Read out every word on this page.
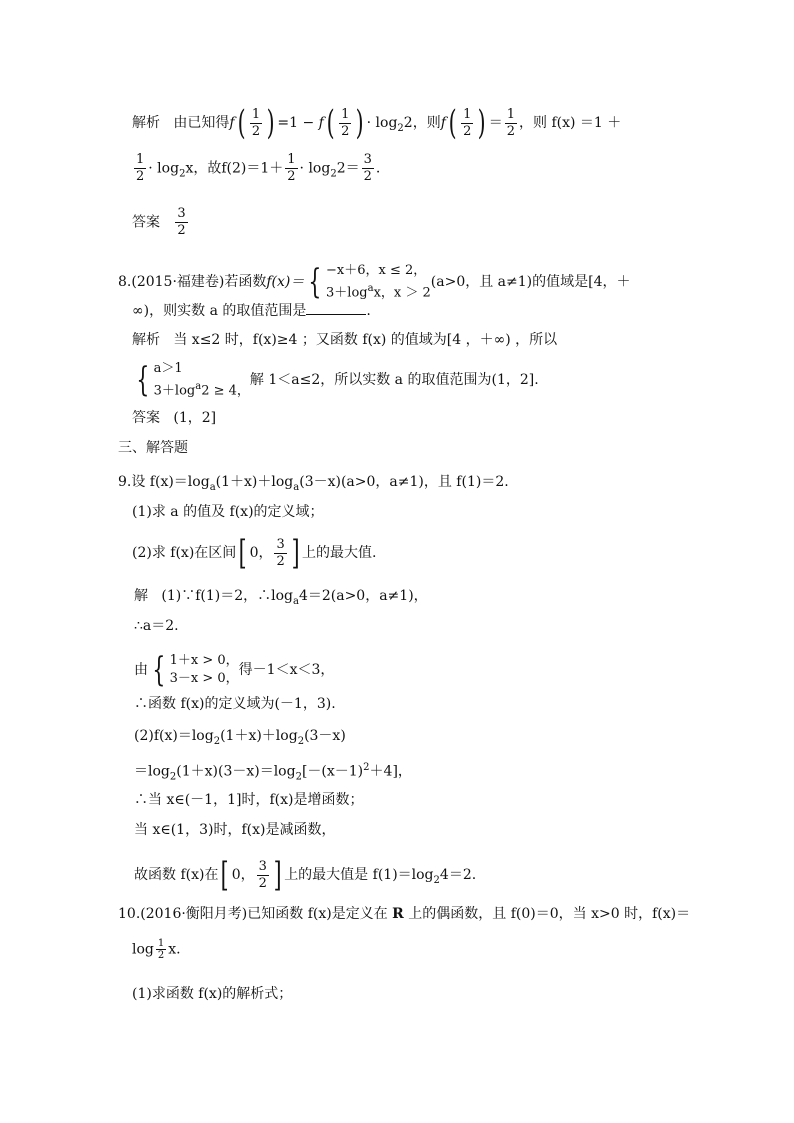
解析 由已知得$f( \frac{1}{2}$ ) $=1 - f( \frac{1}{2}$ ) · $\log_22$，则$f( \frac{1}{2}$ ) ＝ $\frac{1}{2}$ ，则 f(x) ＝1 ＋
$\frac{1}{2} \cdot \log_2x$，故$f(2)=1+ \frac{1}{2} \cdot \log_22= \frac{3}{2}$ .
答案 $\frac{3}{2}$
8.(2015·福建卷)若函数f(x)＝ { −x＋6，x ≤ 2，
$3+\log^ax$，x ＞ 2
(a>0，且 a≠1)的值域是[4，＋
∞)，则实数 a 的取值范围是	.
解析 当 x≤2 时，f(x)≥4 ；又函数 f(x) 的值域为[4 ，＋∞) ，所以
{ a＞1
$3+\log^a2 \ge 4$，
解 1＜a≤2，所以实数 a 的取值范围为(1，2].
答案 (1，2]
三、解答题
9.设 $f(x)=\log_a(1+x)+\log_a(3-x)(a>0$，a≠1)，且 f(1)＝2.
(1)求 a 的值及 f(x)的定义域；
(2)求 f(x)在区间[ 0， $\frac{3}{2}$ ] 上的最大值.
解 (1)∵f(1)＝2，$\therefore\log_a4=2(a>0$，a≠1)，
∴a＝2.
由 { 1＋x > 0，
3－x > 0，
得－1＜x＜3，
∴函数 f(x)的定义域为(－1，3).
$(2)f(x)=\log_2(1+x)+\log_2(3-x)$
$=\log_2(1+x)(3-x)=\log_2[-(x-1)^2+4]$，
∴当 x∈(－1，1]时，f(x)是增函数；
当 x∈(1，3)时，f(x)是减函数，
故函数 f(x)在[ 0， $\frac{3}{2}$ ] 上的最大值是 $f(1)=\log_24=2$.
10.(2016·衡阳月考)已知函数 f(x)是定义在 R 上的偶函数，且 f(0)＝0，当 x>0 时，f(x)＝
$\log \frac{1}{2} x$.
(1)求函数 f(x)的解析式；
